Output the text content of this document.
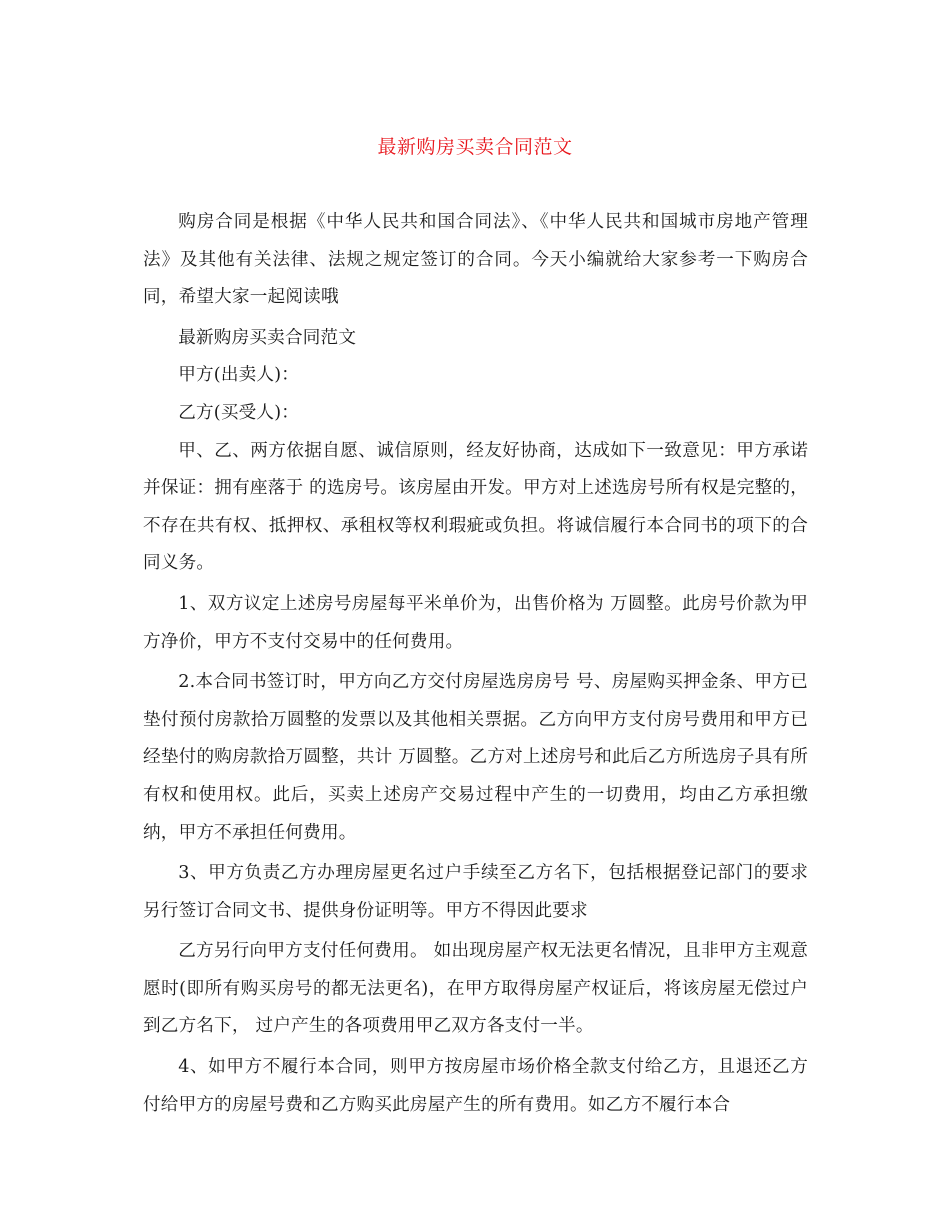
最新购房买卖合同范文

购房合同是根据《中华人民共和国合同法》、《中华人民共和国城市房地产管理法》及其他有关法律、法规之规定签订的合同。今天小编就给大家参考一下购房合同，希望大家一起阅读哦

最新购房买卖合同范文

甲方(出卖人)：

乙方(买受人)：

甲、乙、两方依据自愿、诚信原则，经友好协商，达成如下一致意见：甲方承诺并保证：拥有座落于 的选房号。该房屋由开发。甲方对上述选房号所有权是完整的，不存在共有权、抵押权、承租权等权利瑕疵或负担。将诚信履行本合同书的项下的合同义务。

1、双方议定上述房号房屋每平米单价为，出售价格为 万圆整。此房号价款为甲方净价，甲方不支付交易中的任何费用。

2.本合同书签订时，甲方向乙方交付房屋选房房号 号、房屋购买押金条、甲方已垫付预付房款拾万圆整的发票以及其他相关票据。乙方向甲方支付房号费用和甲方已经垫付的购房款拾万圆整，共计 万圆整。乙方对上述房号和此后乙方所选房子具有所有权和使用权。此后，买卖上述房产交易过程中产生的一切费用，均由乙方承担缴纳，甲方不承担任何费用。

3、甲方负责乙方办理房屋更名过户手续至乙方名下，包括根据登记部门的要求另行签订合同文书、提供身份证明等。甲方不得因此要求

乙方另行向甲方支付任何费用。 如出现房屋产权无法更名情况，且非甲方主观意愿时(即所有购买房号的都无法更名)，在甲方取得房屋产权证后，将该房屋无偿过户到乙方名下， 过户产生的各项费用甲乙双方各支付一半。

4、如甲方不履行本合同，则甲方按房屋市场价格全款支付给乙方，且退还乙方付给甲方的房屋号费和乙方购买此房屋产生的所有费用。如乙方不履行本合
